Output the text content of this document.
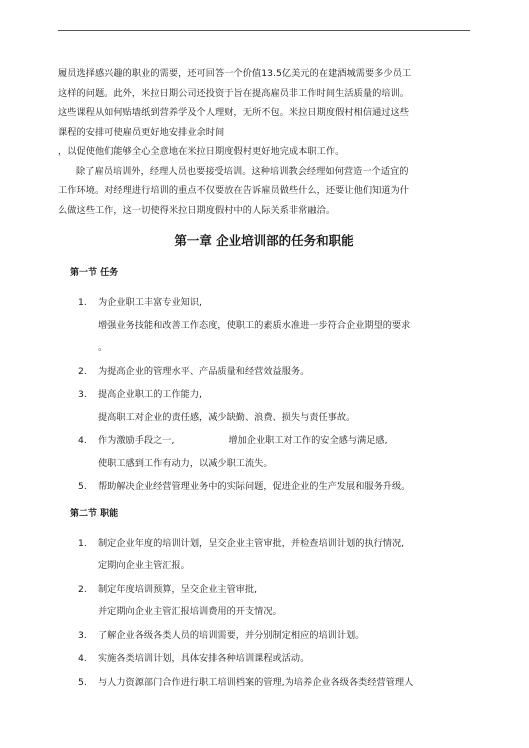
履员选择感兴趣的职业的需要，还可回答一个价值13.5亿美元的在建酒城需要多少员工

这样的问题。此外，米拉日期公司还投资于旨在提高雇员非工作时间生活质量的培训。

这些课程从如何贴墙纸到营养学及个人理财，无所不包。米拉日期度假村相信通过这些

课程的安排可使雇员更好地安排业余时间

，以促使他们能够全心全意地在米拉日期度假村更好地完成本职工作。

除了雇员培训外，经理人员也要接受培训。这种培训教会经理如何营造一个适宜的

工作环境。对经理进行培训的重点不仅要放在告诉雇员做些什么，还要让他们知道为什

么做这些工作，这一切使得米拉日期度假村中的人际关系非常融洽。

第一章 企业培训部的任务和职能
第一节 任务
1. 为企业职工丰富专业知识,
增强业务技能和改善工作态度，使职工的素质水准进一步符合企业期望的要求
。
2. 为提高企业的管理水平、产品质量和经营效益服务。
3. 提高企业职工的工作能力,
提高职工对企业的责任感，减少缺勤、浪费、损失与责任事故。
4. 作为激励手段之一,	增加企业职工对工作的安全感与满足感,
使职工感到工作有动力，以减少职工流失。
5. 帮助解决企业经营管理业务中的实际问题，促进企业的生产发展和服务升级。
第二节 职能
1. 制定企业年度的培训计划，呈交企业主管审批，并检查培训计划的执行情况,
定期向企业主管汇报。
2. 制定年度培训预算，呈交企业主管审批,
并定期向企业主管汇报培训费用的开支情况。
3. 了解企业各级各类人员的培训需要，并分别制定相应的培训计划。
4. 实施各类培训计划，具体安排各种培训课程或活动。
5. 与人力资源部门合作进行职工培训档案的管理,为培养企业各级各类经营管理人
